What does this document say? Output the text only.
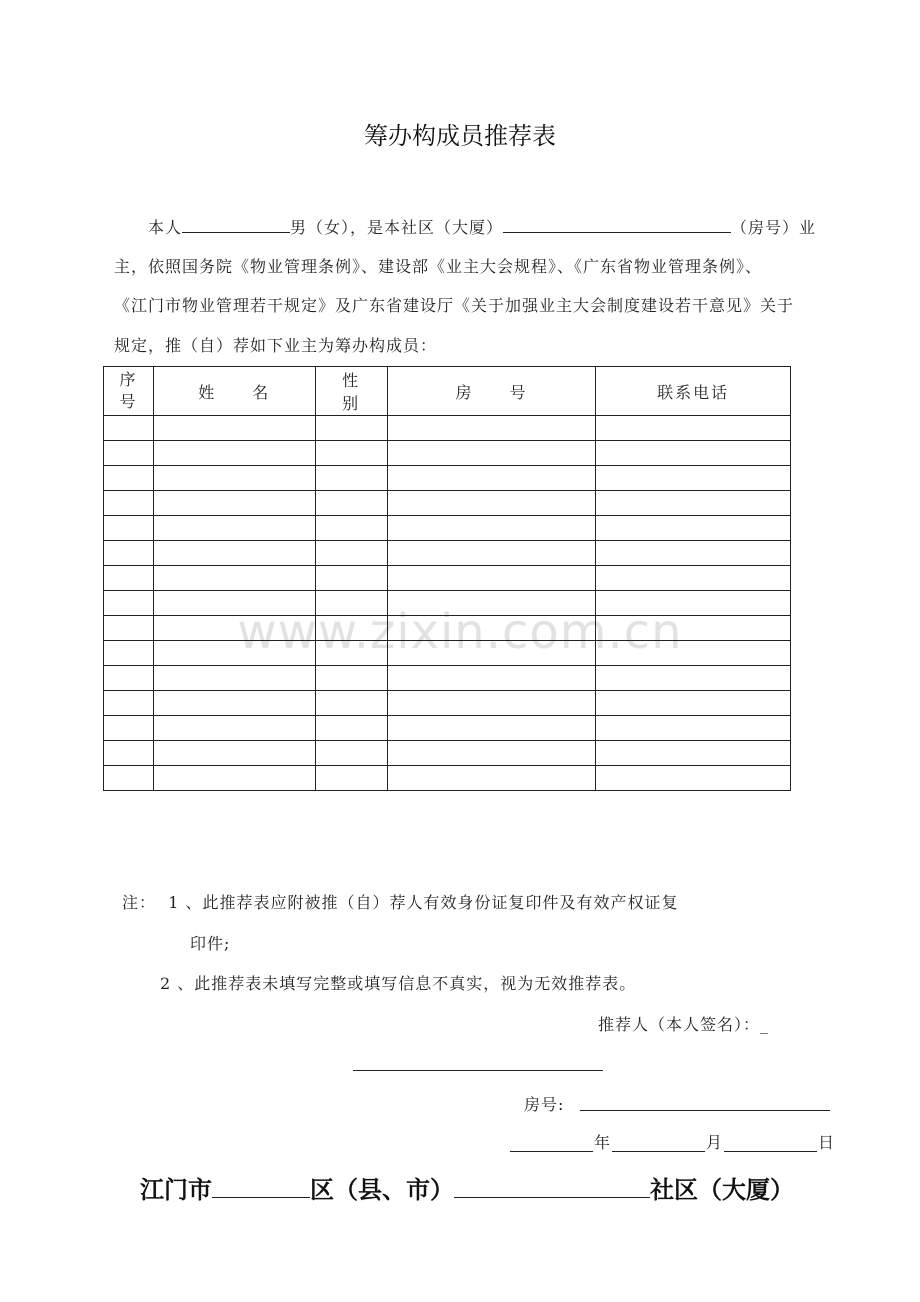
筹办构成员推荐表
本人	男（女），是本社区（大厦）	（房号）业
主，依照国务院《物业管理条例》、建设部《业主大会规程》、《广东省物业管理条例》、
《江门市物业管理若干规定》及广东省建设厅《关于加强业主大会制度建设若干意见》关于
规定，推（自）荐如下业主为筹办构成员：
www.zixin.com.cn
序
号	姓　　名	性　　别	房　　号	联系电话

注： 1 、此推荐表应附被推（自）荐人有效身份证复印件及有效产权证复
印件;
2 、此推荐表未填写完整或填写信息不真实，视为无效推荐表。
推荐人（本人签名）：_
房号:
年	月	日
江门市	区（县、市）	社区（大厦）
